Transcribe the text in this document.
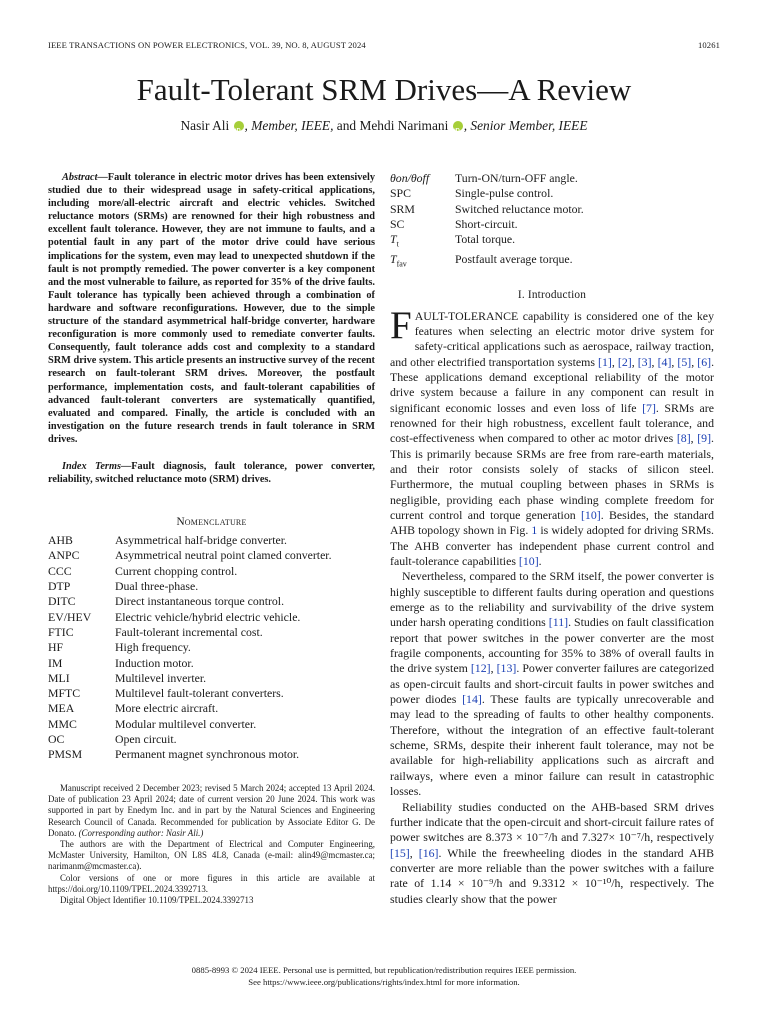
IEEE TRANSACTIONS ON POWER ELECTRONICS, VOL. 39, NO. 8, AUGUST 2024	10261
Fault-Tolerant SRM Drives—A Review
Nasir Ali iD , Member, IEEE, and Mehdi Narimani iD , Senior Member, IEEE

Abstract—Fault tolerance in electric motor drives has been extensively studied due to their widespread usage in safety-critical applications, including more/all-electric aircraft and electric vehicles. Switched reluctance motors (SRMs) are renowned for their high robustness and excellent fault tolerance. However, they are not immune to faults, and a potential fault in any part of the motor drive could have serious implications for the system, even may lead to unexpected shutdown if the fault is not promptly remedied. The power converter is a key component and the most vulnerable to failure, as reported for 35% of the drive faults. Fault tolerance has typically been achieved through a combination of hardware and software reconfigurations. However, due to the simple structure of the standard asymmetrical half-bridge converter, hardware reconfiguration is more commonly used to remediate converter faults. Consequently, fault tolerance adds cost and complexity to a standard SRM drive system. This article presents an instructive survey of the recent research on fault-tolerant SRM drives. Moreover, the postfault performance, implementation costs, and fault-tolerant capabilities of advanced fault-tolerant converters are systematically quantified, evaluated and compared. Finally, the article is concluded with an investigation on the future research trends in fault tolerance in SRM drives.

Index Terms—Fault diagnosis, fault tolerance, power converter, reliability, switched reluctance moto (SRM) drives.
Nomenclature
AHB	Asymmetrical half-bridge converter.
ANPC	Asymmetrical neutral point clamed converter.
CCC	Current chopping control.
DTP	Dual three-phase.
DITC	Direct instantaneous torque control.
EV/HEV	Electric vehicle/hybrid electric vehicle.
FTIC	Fault-tolerant incremental cost.
HF	High frequency.
IM	Induction motor.
MLI	Multilevel inverter.
MFTC	Multilevel fault-tolerant converters.
MEA	More electric aircraft.
MMC	Modular multilevel converter.
OC	Open circuit.
PMSM	Permanent magnet synchronous motor.

Manuscript received 2 December 2023; revised 5 March 2024; accepted 13 April 2024. Date of publication 23 April 2024; date of current version 20 June 2024. This work was supported in part by Enedym Inc. and in part by the Natural Sciences and Engineering Research Council of Canada. Recommended for publication by Associate Editor G. De Donato. (Corresponding author: Nasir Ali.)

The authors are with the Department of Electrical and Computer Engineering, McMaster University, Hamilton, ON L8S 4L8, Canada (e-mail: alin49@mcmaster.ca; narimanm@mcmaster.ca).

Color versions of one or more figures in this article are available at https://doi.org/10.1109/TPEL.2024.3392713.

Digital Object Identifier 10.1109/TPEL.2024.3392713

θon/θoff	Turn-ON/turn-OFF angle.
SPC	Single-pulse control.
SRM	Switched reluctance motor.
SC	Short-circuit.
$T_t$	Total torque.
$T_{fav}$	Postfault average torque.
I. Introduction

FAULT-TOLERANCE capability is considered one of the key features when selecting an electric motor drive system for safety-critical applications such as aerospace, railway traction, and other electrified transportation systems [1], [2], [3], [4], [5], [6]. These applications demand exceptional reliability of the motor drive system because a failure in any component can result in significant economic losses and even loss of life [7]. SRMs are renowned for their high robustness, excellent fault tolerance, and cost-effectiveness when compared to other ac motor drives [8], [9]. This is primarily because SRMs are free from rare-earth materials, and their rotor consists solely of stacks of silicon steel. Furthermore, the mutual coupling between phases in SRMs is negligible, providing each phase winding complete freedom for current control and torque generation [10]. Besides, the standard AHB topology shown in Fig. 1 is widely adopted for driving SRMs. The AHB converter has independent phase current control and fault-tolerance capabilities [10].

Nevertheless, compared to the SRM itself, the power converter is highly susceptible to different faults during operation and questions emerge as to the reliability and survivability of the drive system under harsh operating conditions [11]. Studies on fault classification report that power switches in the power converter are the most fragile components, accounting for 35% to 38% of overall faults in the drive system [12], [13]. Power converter failures are categorized as open-circuit faults and short-circuit faults in power switches and power diodes [14]. These faults are typically unrecoverable and may lead to the spreading of faults to other healthy components. Therefore, without the integration of an effective fault-tolerant scheme, SRMs, despite their inherent fault tolerance, may not be available for high-reliability applications such as aircraft and railways, where even a minor failure can result in catastrophic losses.

Reliability studies conducted on the AHB-based SRM drives further indicate that the open-circuit and short-circuit failure rates of power switches are 8.373 × 10⁻⁷/h and 7.327× 10⁻⁷/h, respectively [15], [16]. While the freewheeling diodes in the standard AHB converter are more reliable than the power switches with a failure rate of 1.14 × 10⁻⁹/h and 9.3312 × 10⁻¹⁰/h, respectively. The studies clearly show that the power

0885-8993 © 2024 IEEE. Personal use is permitted, but republication/redistribution requires IEEE permission.
See https://www.ieee.org/publications/rights/index.html for more information.
